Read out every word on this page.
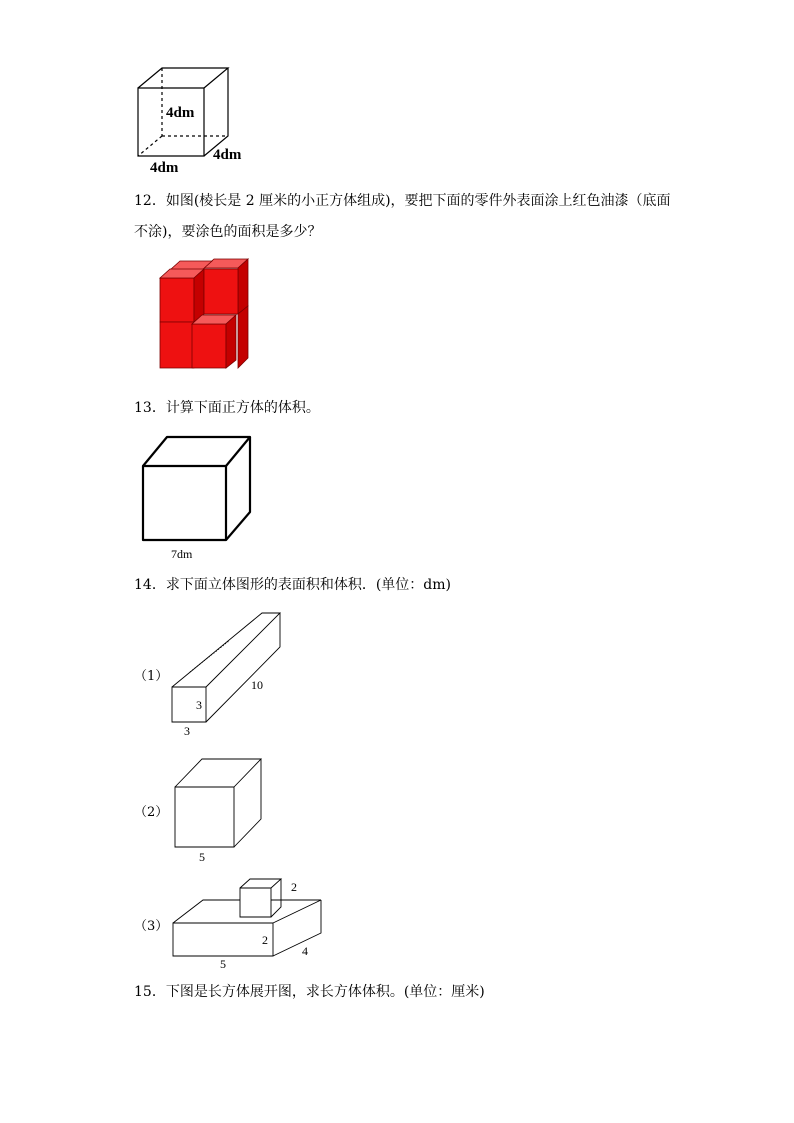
4dm
4dm
4dm
12．如图(棱长是 2 厘米的小正方体组成)，要把下面的零件外表面涂上红色油漆（底面
不涂)，要涂色的面积是多少？
13．计算下面正方体的体积。
7dm
14．求下面立体图形的表面积和体积．(单位：dm)
（1）
3
10
3
（2）
5
（3）
2
2
4
5
15．下图是长方体展开图，求长方体体积。(单位：厘米)
